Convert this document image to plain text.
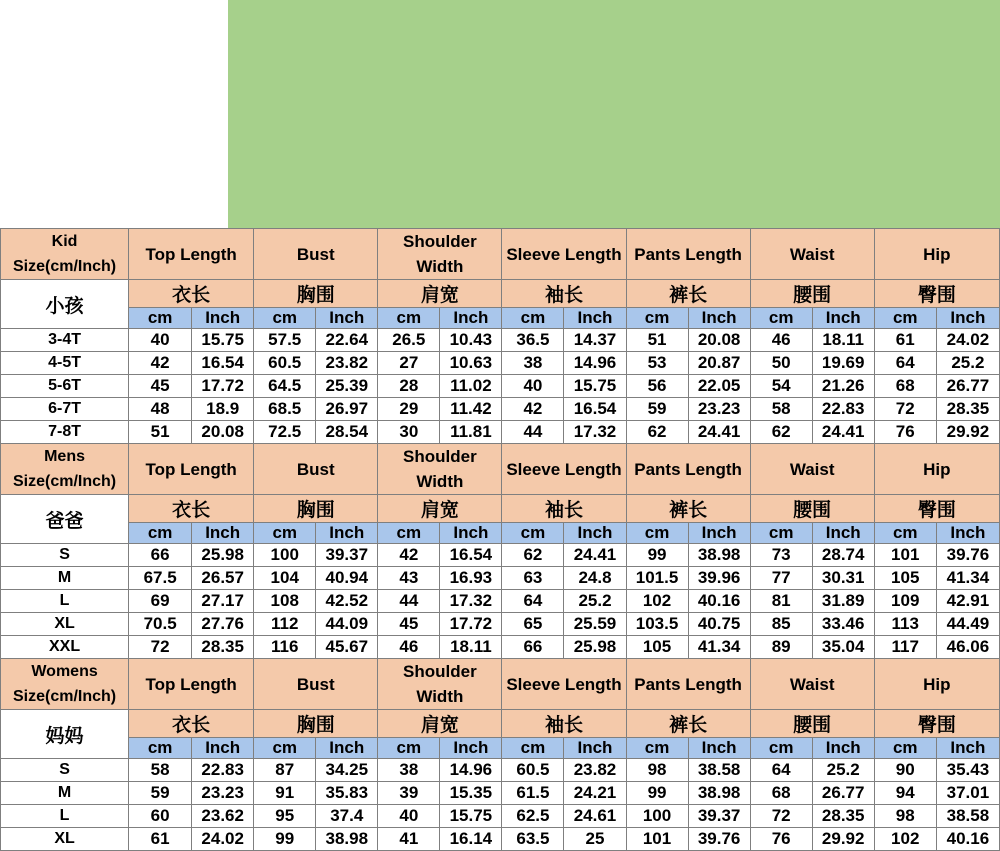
Kid Size(cm/Inch)	Top Length		Bust		Shoulder Width		Sleeve Length		Pants Length		Waist		Hip	
小孩	衣长		胸围		肩宽		袖长		裤长		腰围		臀围	
	cm	Inch	cm	Inch	cm	Inch	cm	Inch	cm	Inch	cm	Inch	cm	Inch
3-4T	40	15.75	57.5	22.64	26.5	10.43	36.5	14.37	51	20.08	46	18.11	61	24.02
4-5T	42	16.54	60.5	23.82	27	10.63	38	14.96	53	20.87	50	19.69	64	25.2
5-6T	45	17.72	64.5	25.39	28	11.02	40	15.75	56	22.05	54	21.26	68	26.77
6-7T	48	18.9	68.5	26.97	29	11.42	42	16.54	59	23.23	58	22.83	72	28.35
7-8T	51	20.08	72.5	28.54	30	11.81	44	17.32	62	24.41	62	24.41	76	29.92
Mens Size(cm/Inch)	Top Length		Bust		Shoulder Width		Sleeve Length		Pants Length		Waist		Hip	
爸爸	衣长		胸围		肩宽		袖长		裤长		腰围		臀围	
	cm	Inch	cm	Inch	cm	Inch	cm	Inch	cm	Inch	cm	Inch	cm	Inch
S	66	25.98	100	39.37	42	16.54	62	24.41	99	38.98	73	28.74	101	39.76
M	67.5	26.57	104	40.94	43	16.93	63	24.8	101.5	39.96	77	30.31	105	41.34
L	69	27.17	108	42.52	44	17.32	64	25.2	102	40.16	81	31.89	109	42.91
XL	70.5	27.76	112	44.09	45	17.72	65	25.59	103.5	40.75	85	33.46	113	44.49
XXL	72	28.35	116	45.67	46	18.11	66	25.98	105	41.34	89	35.04	117	46.06
Womens Size(cm/Inch)	Top Length		Bust		Shoulder Width		Sleeve Length		Pants Length		Waist		Hip	
妈妈	衣长		胸围		肩宽		袖长		裤长		腰围		臀围	
	cm	Inch	cm	Inch	cm	Inch	cm	Inch	cm	Inch	cm	Inch	cm	Inch
S	58	22.83	87	34.25	38	14.96	60.5	23.82	98	38.58	64	25.2	90	35.43
M	59	23.23	91	35.83	39	15.35	61.5	24.21	99	38.98	68	26.77	94	37.01
L	60	23.62	95	37.4	40	15.75	62.5	24.61	100	39.37	72	28.35	98	38.58
XL	61	24.02	99	38.98	41	16.14	63.5	25	101	39.76	76	29.92	102	40.16
